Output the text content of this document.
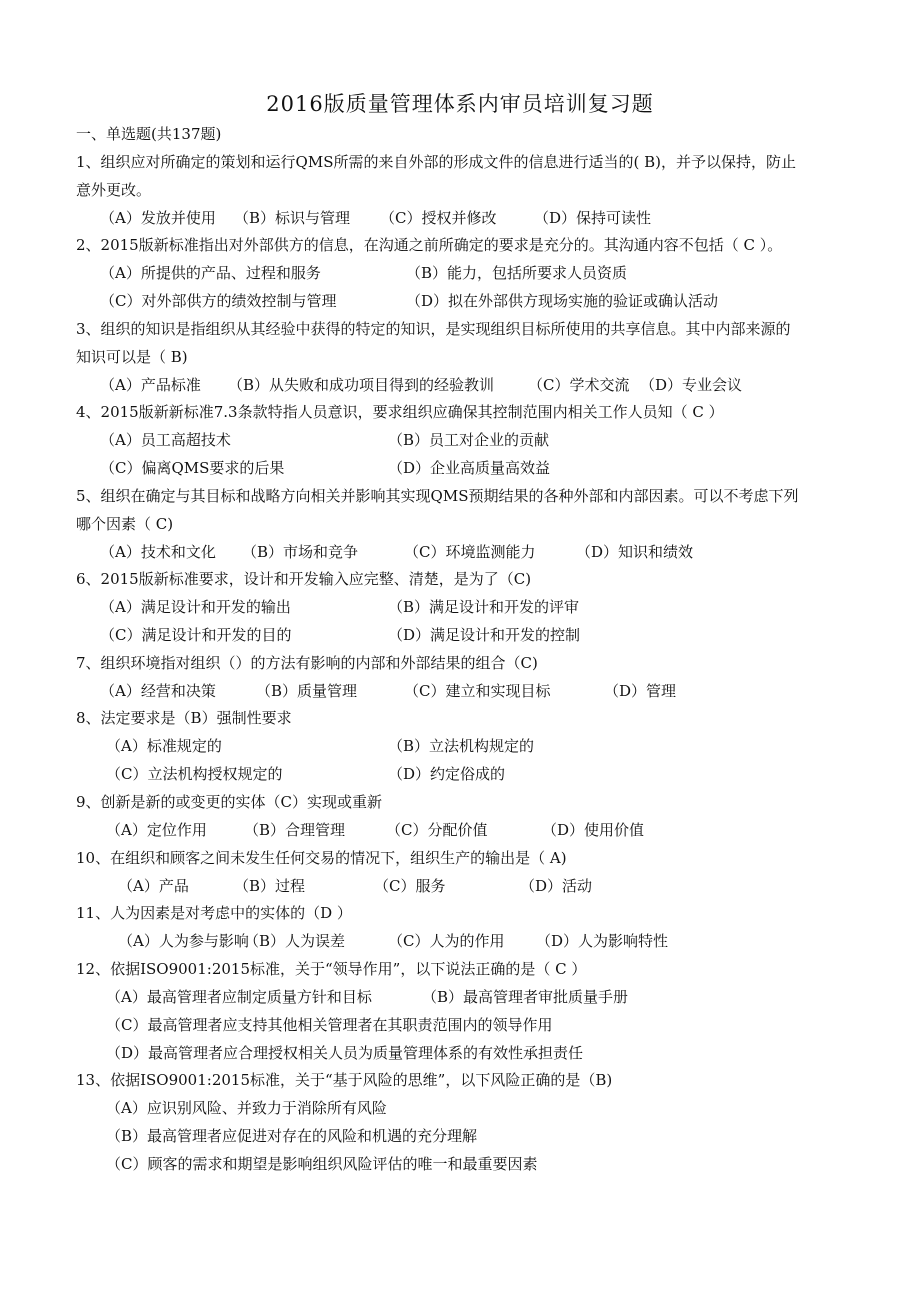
2016版质量管理体系内审员培训复习题
1、组织应对所确定的策划和运行QMS所需的来自外部的形成文件的信息进行适当的( B)，并予以保持，防止
意外更改。
（A）发放并使用 （B）标识与管理 （C）授权并修改	（D）保持可读性
2、2015版新标准指出对外部供方的信息，在沟通之前所确定的要求是充分的。其沟通内容不包括（ C ）。
（A）所提供的产品、过程和服务	（B）能力，包括所要求人员资质
（C）对外部供方的绩效控制与管理	（D）拟在外部供方现场实施的验证或确认活动
3、组织的知识是指组织从其经验中获得的特定的知识，是实现组织目标所使用的共享信息。其中内部来源的
知识可以是（ B)
（A）产品标准 （B）从失败和成功项目得到的经验教训 （C）学术交流 （D）专业会议
4、2015版新新标准7.3条款特指人员意识，要求组织应确保其控制范围内相关工作人员知（ C ）
（A）员工高超技术	（B）员工对企业的贡献
（C）偏离QMS要求的后果	（D）企业高质量高效益
5、组织在确定与其目标和战略方向相关并影响其实现QMS预期结果的各种外部和内部因素。可以不考虑下列
哪个因素（ C)
（A）技术和文化 （B）市场和竞争	（C）环境监测能力	（D）知识和绩效
6、2015版新标准要求，设计和开发输入应完整、清楚，是为了（C)
（A）满足设计和开发的输出	（B）满足设计和开发的评审
（C）满足设计和开发的目的	（D）满足设计和开发的控制
7、组织环境指对组织（）的方法有影响的内部和外部结果的组合（C)
（A）经营和决策	（B）质量管理	（C）建立和实现目标	（D）管理
8、法定要求是（B）强制性要求
（A）标准规定的	（B）立法机构规定的
（C）立法机构授权规定的	（D）约定俗成的
9、创新是新的或变更的实体（C）实现或重新
（A）定位作用 （B）合理管理	（C）分配价值	（D）使用价值
10、在组织和顾客之间未发生任何交易的情况下，组织生产的输出是（ A)
（A）产品	（B）过程	（C）服务	（D）活动
11、人为因素是对考虑中的实体的（D ）
（A）人为参与影响
（B）人为误差	（C）人为的作用 （D）人为影响特性
12、依据ISO9001:2015标准，关于“领导作用”，以下说法正确的是（ C ）
（A）最高管理者应制定质量方针和目标	（B）最高管理者审批质量手册
（C）最高管理者应支持其他相关管理者在其职责范围内的领导作用
（D）最高管理者应合理授权相关人员为质量管理体系的有效性承担责任
13、依据ISO9001:2015标准，关于“基于风险的思维”，以下风险正确的是（B)
（A）应识别风险、并致力于消除所有风险
（B）最高管理者应促进对存在的风险和机遇的充分理解
（C）顾客的需求和期望是影响组织风险评估的唯一和最重要因素
一、单选题(共137题)
